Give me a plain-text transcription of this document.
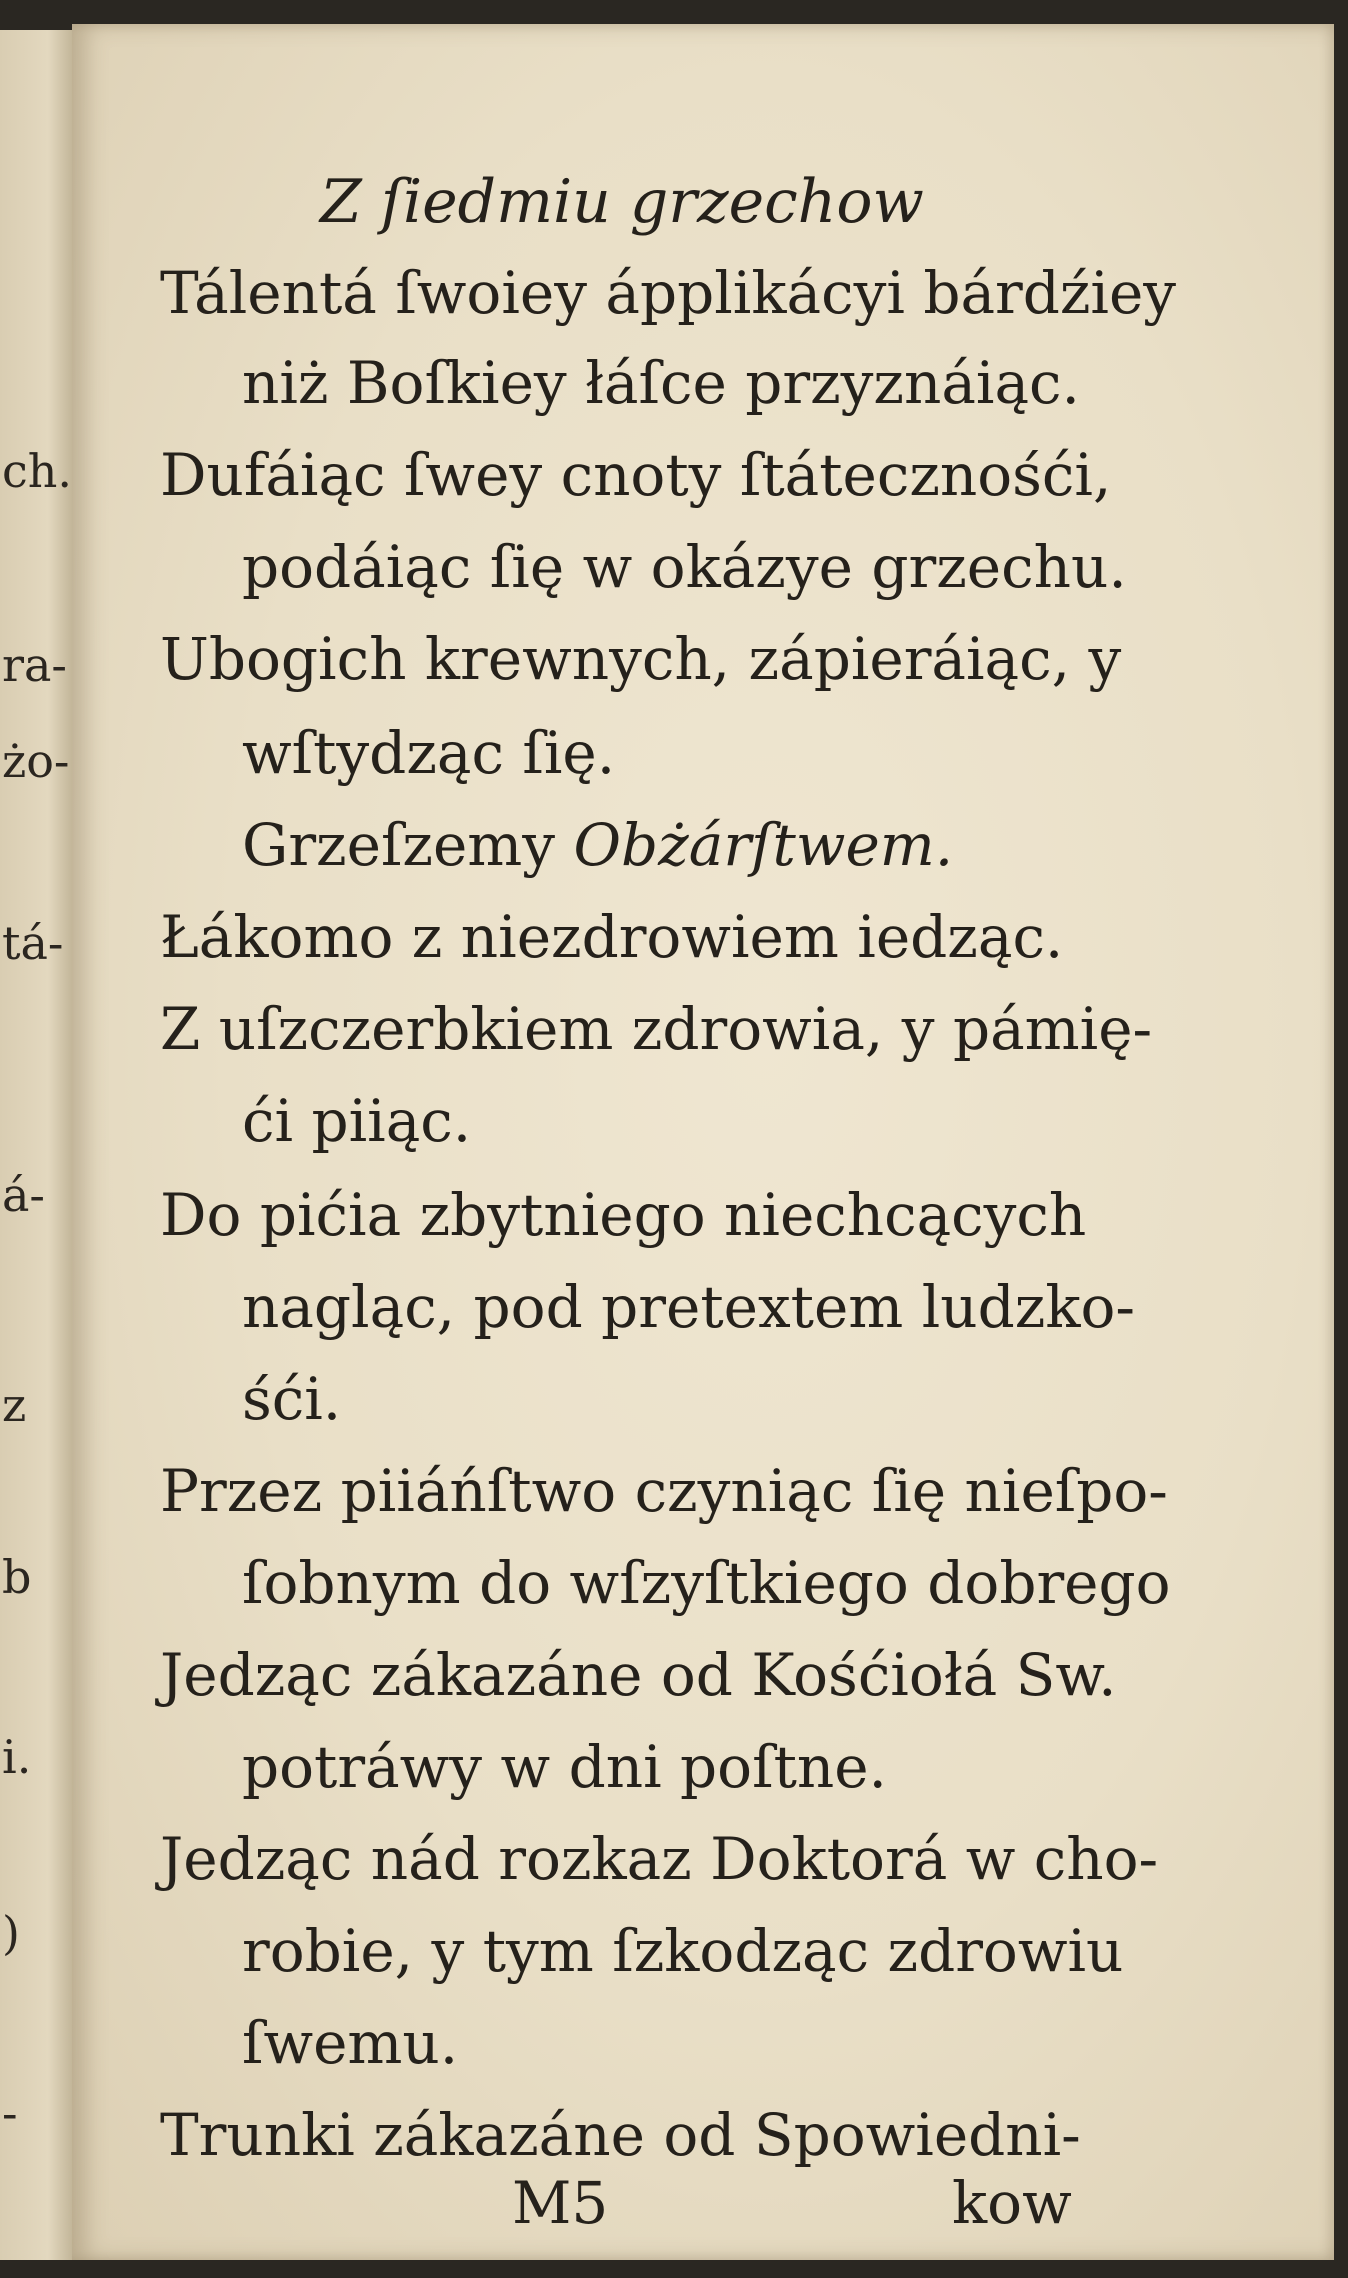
ch.
ra-
żo-
tá-
á-
z
b
i.
)
-
Z ſiedmiu grzechow
Tálentá ſwoiey ápplikácyi bárdźiey
niż Boſkiey łáſce przyznáiąc.
Dufáiąc ſwey cnoty ſtátecznośći,
podáiąc ſię w okázye grzechu.
Ubogich krewnych, zápieráiąc, y
wſtydząc ſię.
Grzeſzemy Obżárſtwem.
Łákomo z niezdrowiem iedząc.
Z uſzczerbkiem zdrowia, y pámię-
ći piiąc.
Do pićia zbytniego niechcących
nagląc, pod pretextem ludzko-
śći.
Przez piiáńſtwo czyniąc ſię nieſpo-
ſobnym do wſzyſtkiego dobrego
Jedząc zákazáne od Kośćiołá Sw.
potráwy w dni poſtne.
Jedząc nád rozkaz Doktorá w cho-
robie, y tym ſzkodząc zdrowiu
ſwemu.
Trunki zákazáne od Spowiedni-
M5	kow
